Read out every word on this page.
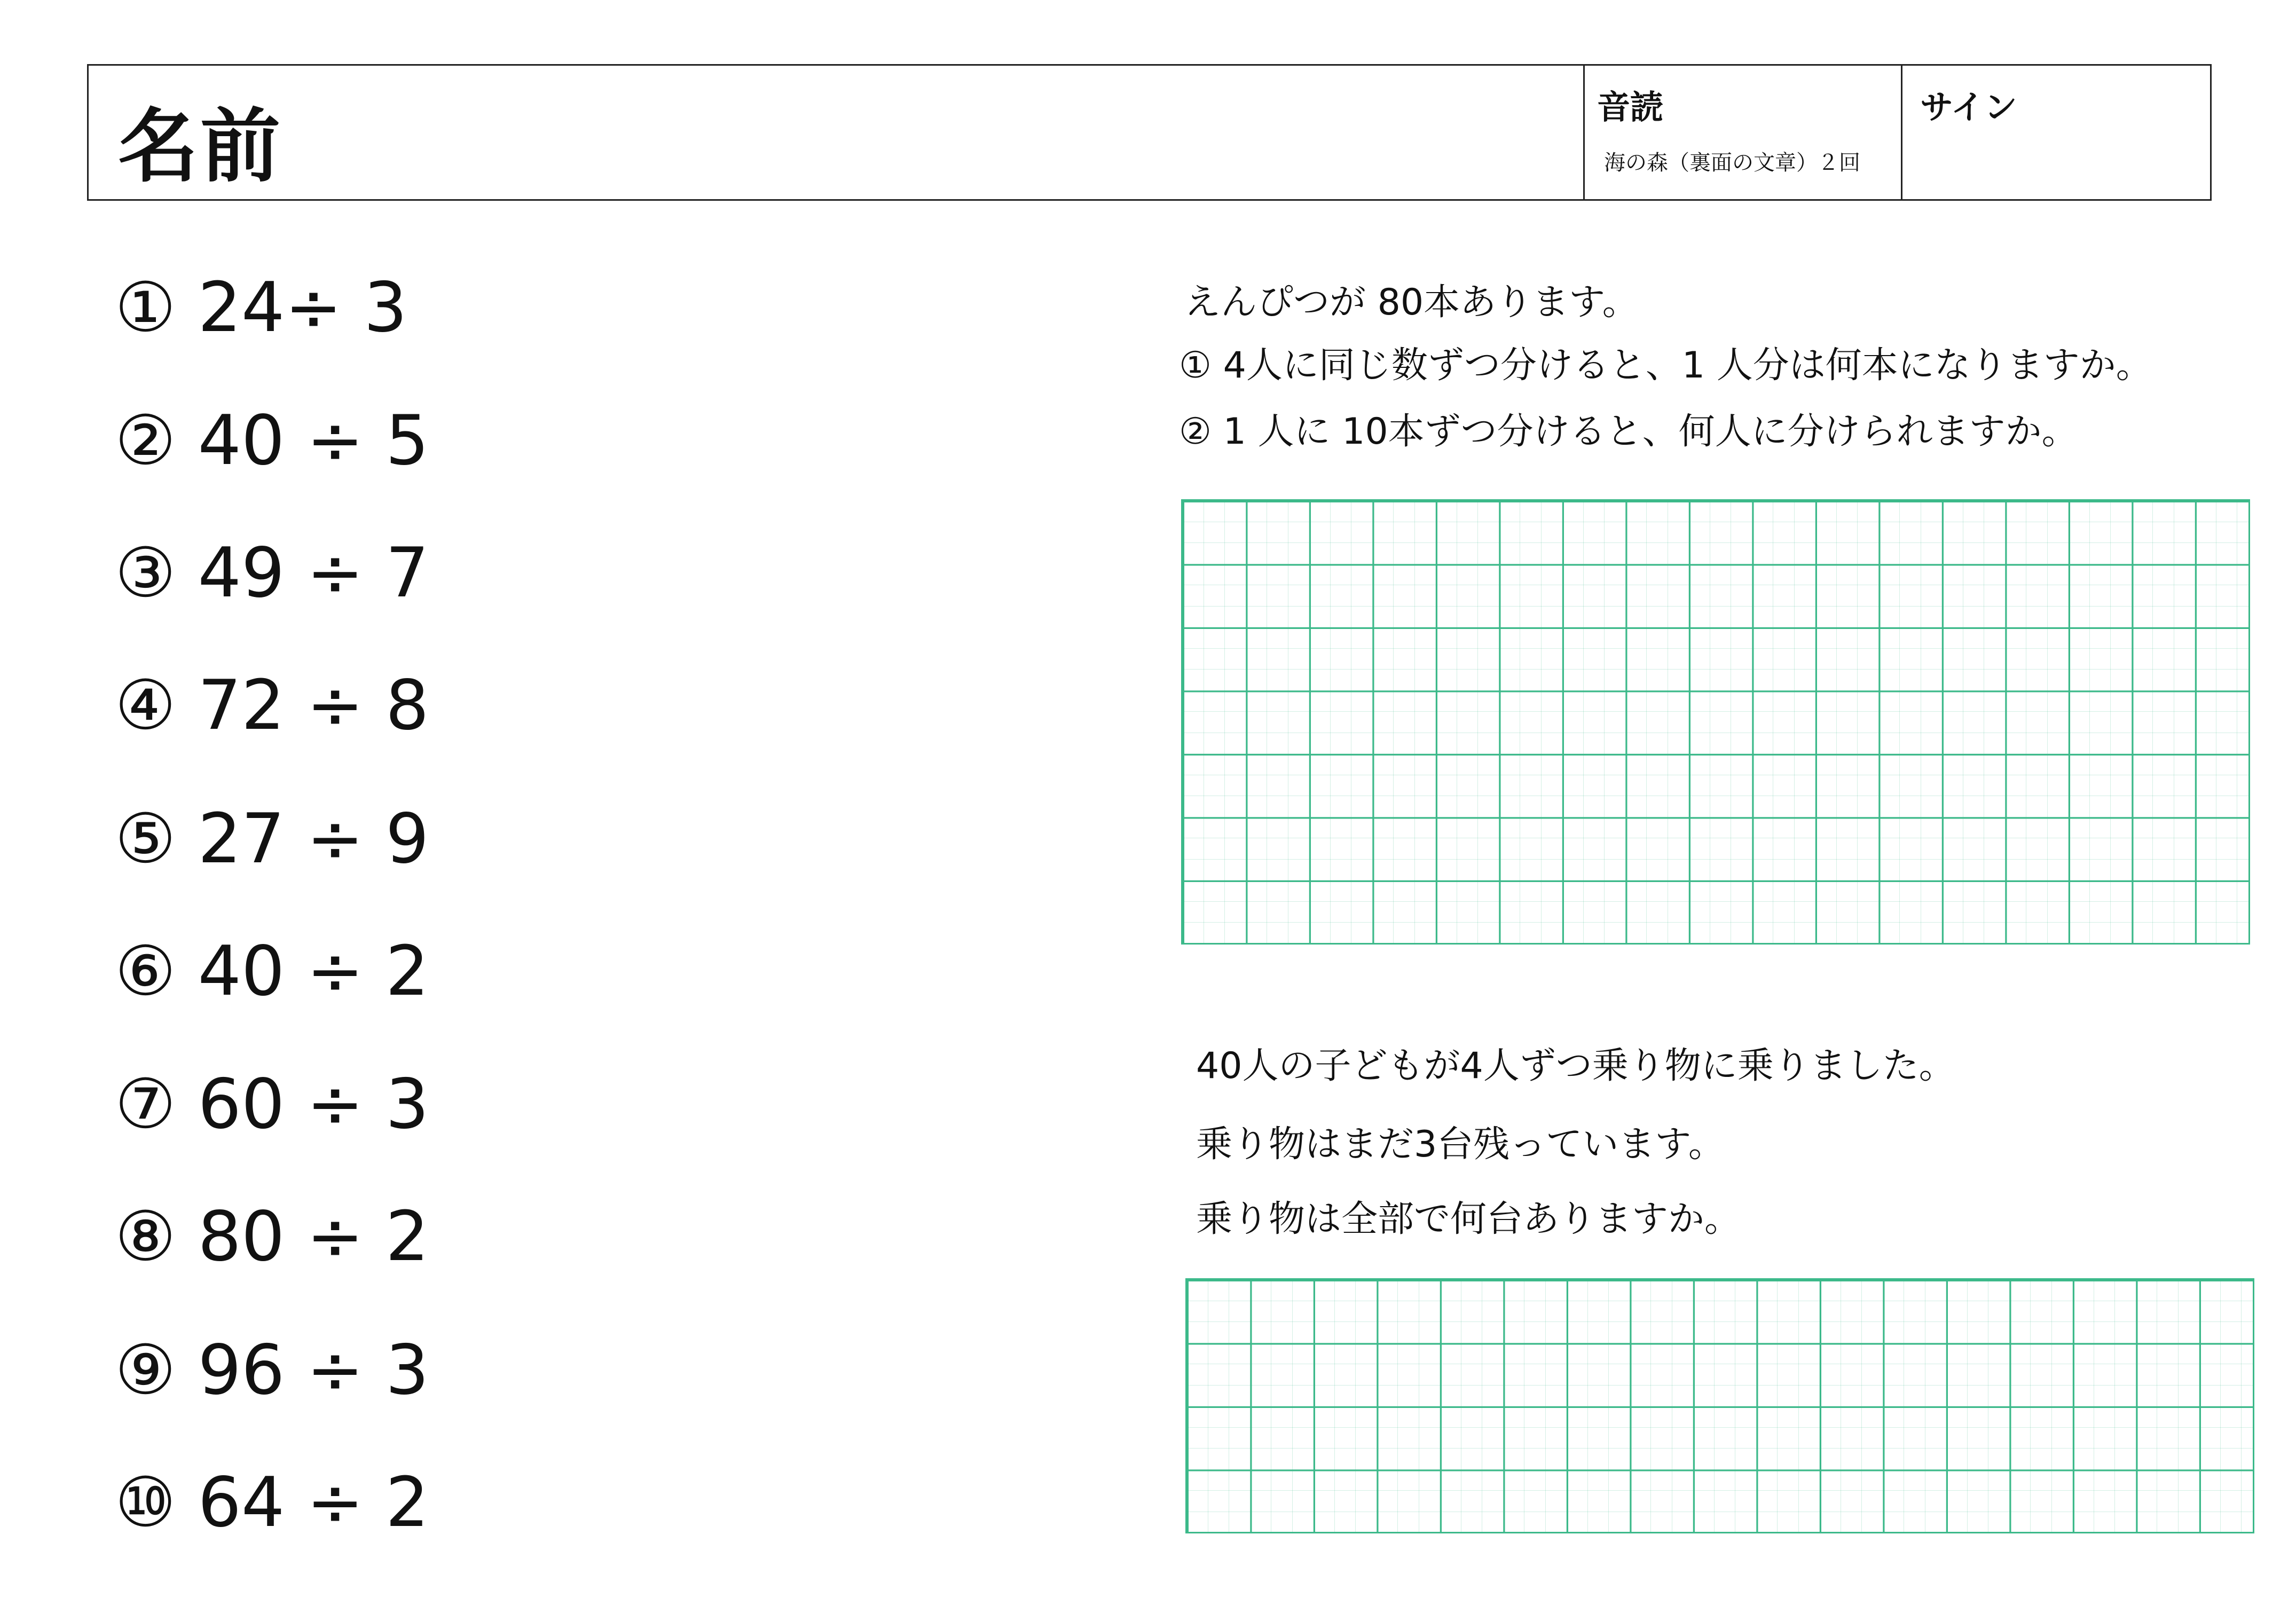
名前	音読
海の森（裏面の文章）２回
サイン
① 24÷ 3
② 40 ÷ 5
③ 49 ÷ 7
④ 72 ÷ 8
⑤ 27 ÷ 9
⑥ 40 ÷ 2
⑦ 60 ÷ 3
⑧ 80 ÷ 2
⑨ 96 ÷ 3
⑩ 64 ÷ 2
えんぴつが 80本あります。
① 4人に同じ数ずつ分けると、1 人分は何本になりますか。
② 1 人に 10本ずつ分けると、何人に分けられますか。
40人の子どもが4人ずつ乗り物に乗りました。
乗り物はまだ3台残っています。
乗り物は全部で何台ありますか。
